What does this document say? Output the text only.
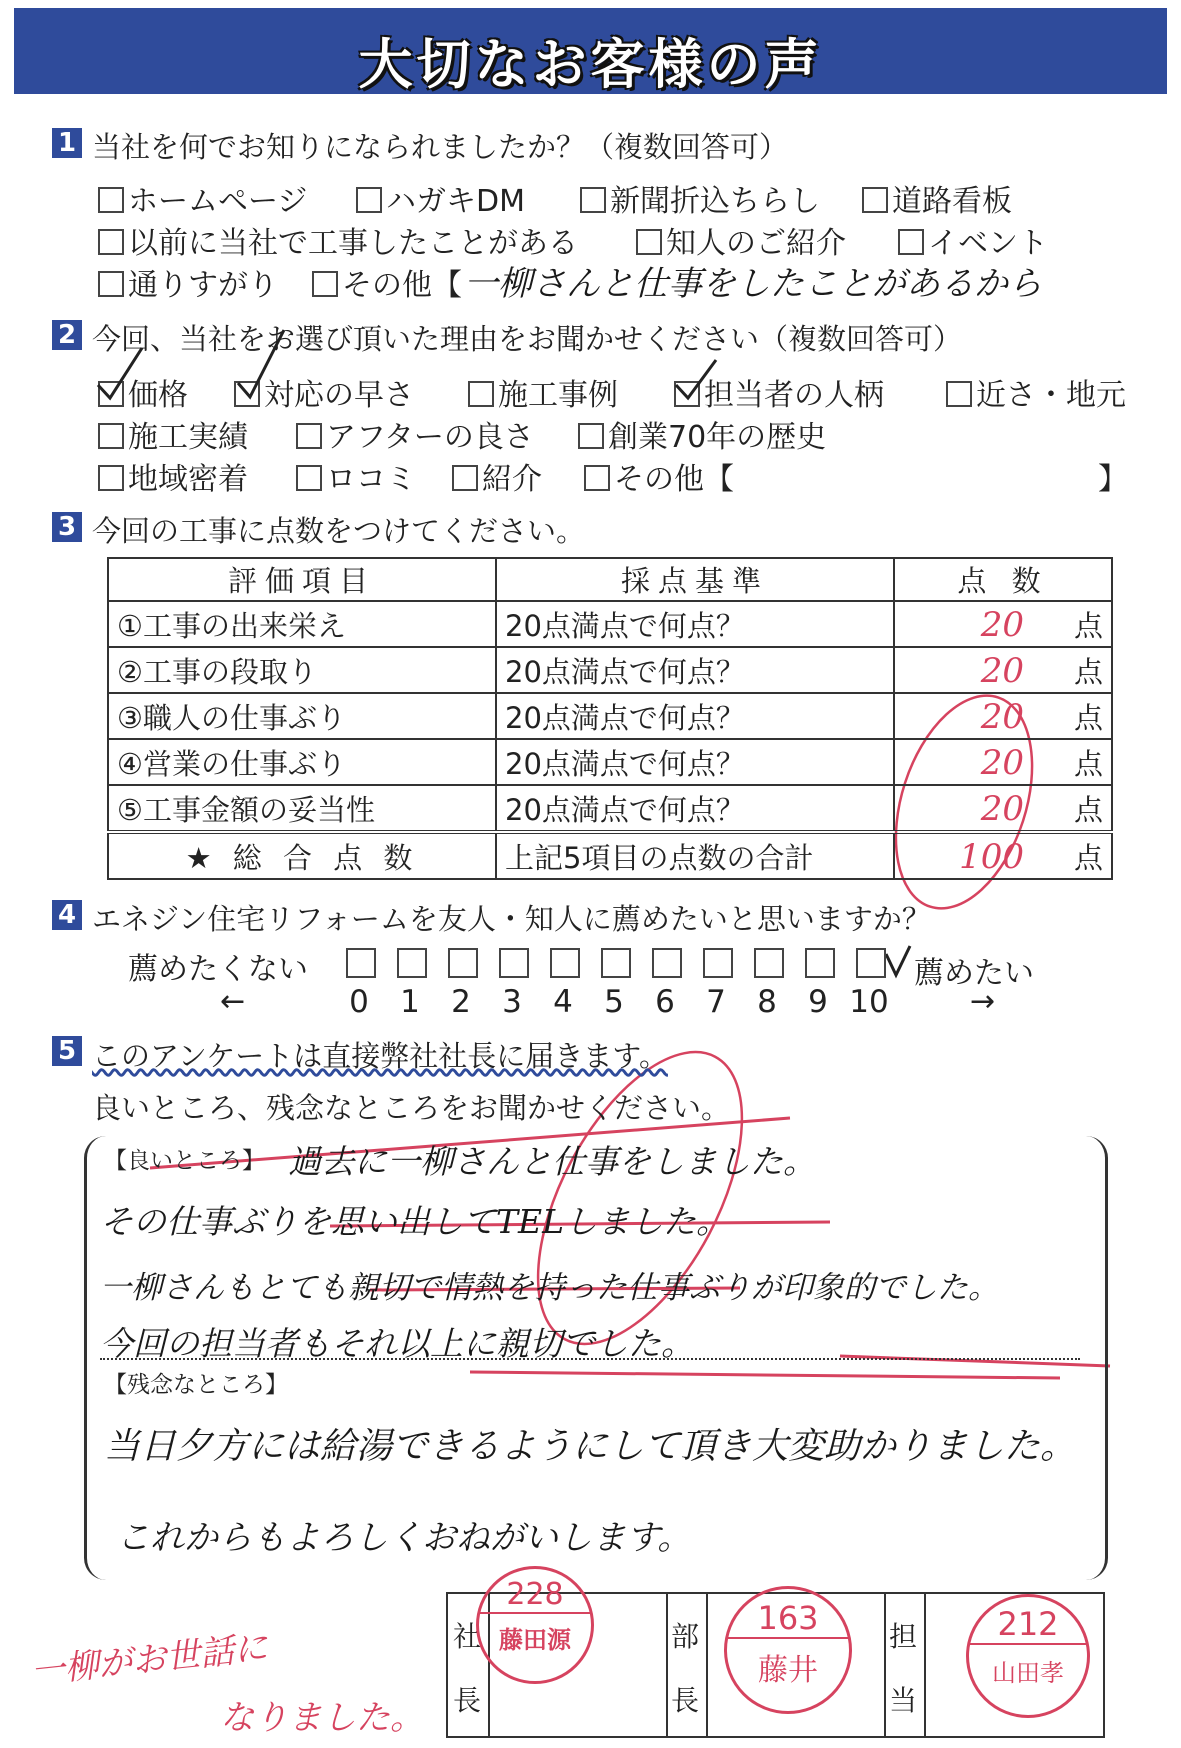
大切なお客様の声
1 当社を何でお知りになられましたか？（複数回答可）
ホームページ	ハガキDM	新聞折込ちらし	道路看板
以前に当社で工事したことがある	知人のご紹介	イベント
通りすがり	その他【 一柳さんと仕事をしたことがあるから
2 今回、当社をお選び頂いた理由をお聞かせください（複数回答可）
価格	対応の早さ	施工事例	担当者の人柄	近さ・地元
施工実績	アフターの良さ	創業70年の歴史
地域密着	ロコミ	紹介	その他【	】
3 今回の工事に点数をつけてください。
評価項目	採点基準	点 数
①工事の出来栄え	20点満点で何点？	20 点
②工事の段取り	20点満点で何点？	20 点
③職人の仕事ぶり	20点満点で何点？	20 点
④営業の仕事ぶり	20点満点で何点？	20 点
⑤工事金額の妥当性	20点満点で何点？	20 点
★ 総 合 点 数	上記5項目の点数の合計	100 点
4 エネジン住宅リフォームを友人・知人に薦めたいと思いますか？
薦めたくない	薦めたい
←	→
0	1	2	3	4	5	6	7	8	9 10
5 このアンケートは直接弊社社長に届きます。
良いところ、残念なところをお聞かせください。
【良いところ】 過去に一柳さんと仕事をしました。
その仕事ぶりを思い出してTELしました。
一柳さんもとても親切で情熱を持った仕事ぶりが印象的でした。
今回の担当者もそれ以上に親切でした。
【残念なところ】
当日夕方には給湯できるようにして頂き大変助かりました。
これからもよろしくおねがいします。
一柳がお世話に
なりました。
社
長
部
長
担
当
228
藤田源
163
藤井
212
山田孝
